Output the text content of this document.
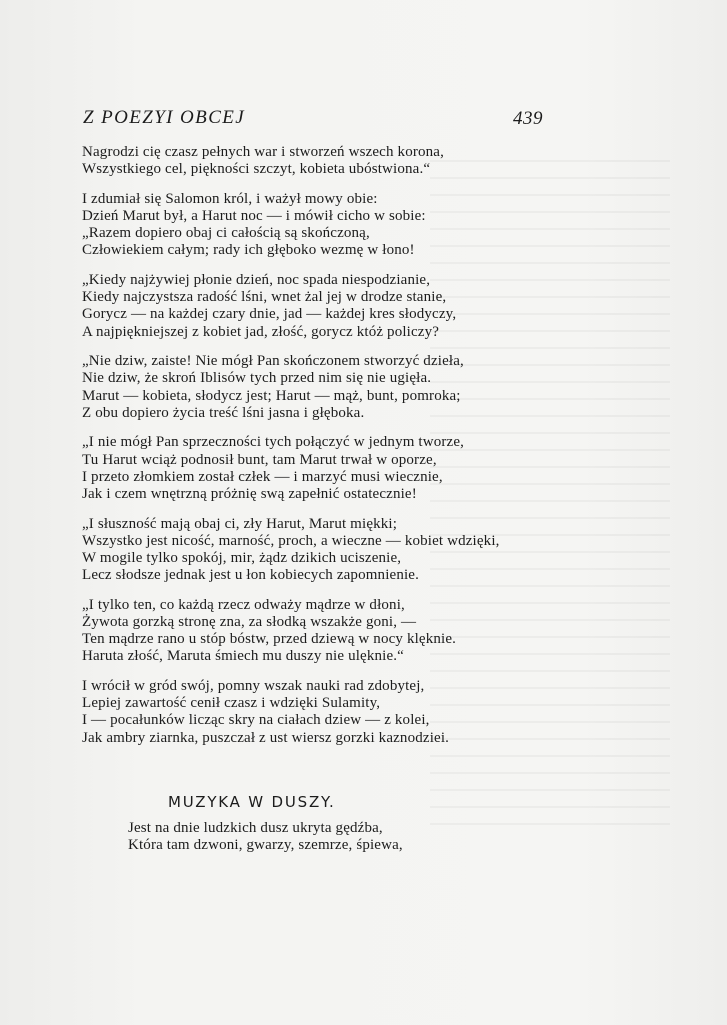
Z POEZYI OBCEJ	439
Nagrodzi cię czasz pełnych war i stworzeń wszech korona,
Wszystkiego cel, piękności szczyt, kobieta ubóstwiona.“
I zdumiał się Salomon król, i ważył mowy obie:
Dzień Marut był, a Harut noc — i mówił cicho w sobie:
„Razem dopiero obaj ci całością są skończoną,
Człowiekiem całym; rady ich głęboko wezmę w łono!
„Kiedy najżywiej płonie dzień, noc spada niespodzianie,
Kiedy najczystsza radość lśni, wnet żal jej w drodze stanie,
Gorycz — na każdej czary dnie, jad — każdej kres słodyczy,
A najpiękniejszej z kobiet jad, złość, gorycz któż policzy?
„Nie dziw, zaiste! Nie mógł Pan skończonem stworzyć dzieła,
Nie dziw, że skroń Iblisów tych przed nim się nie ugięła.
Marut — kobieta, słodycz jest; Harut — mąż, bunt, pomroka;
Z obu dopiero życia treść lśni jasna i głęboka.
„I nie mógł Pan sprzeczności tych połączyć w jednym tworze,
Tu Harut wciąż podnosił bunt, tam Marut trwał w oporze,
I przeto złomkiem został człek — i marzyć musi wiecznie,
Jak i czem wnętrzną próżnię swą zapełnić ostatecznie!
„I słuszność mają obaj ci, zły Harut, Marut miękki;
Wszystko jest nicość, marność, proch, a wieczne — kobiet wdzięki,
W mogile tylko spokój, mir, żądz dzikich uciszenie,
Lecz słodsze jednak jest u łon kobiecych zapomnienie.
„I tylko ten, co każdą rzecz odważy mądrze w dłoni,
Żywota gorzką stronę zna, za słodką wszakże goni, —
Ten mądrze rano u stóp bóstw, przed dziewą w nocy klęknie.
Haruta złość, Maruta śmiech mu duszy nie ulęknie.“
I wrócił w gród swój, pomny wszak nauki rad zdobytej,
Lepiej zawartość cenił czasz i wdzięki Sulamity,
I — pocałunków licząc skry na ciałach dziew — z kolei,
Jak ambry ziarnka, puszczał z ust wiersz gorzki kaznodziei.
MUZYKA W DUSZY.
Jest na dnie ludzkich dusz ukryta gędźba,
Która tam dzwoni, gwarzy, szemrze, śpiewa,
